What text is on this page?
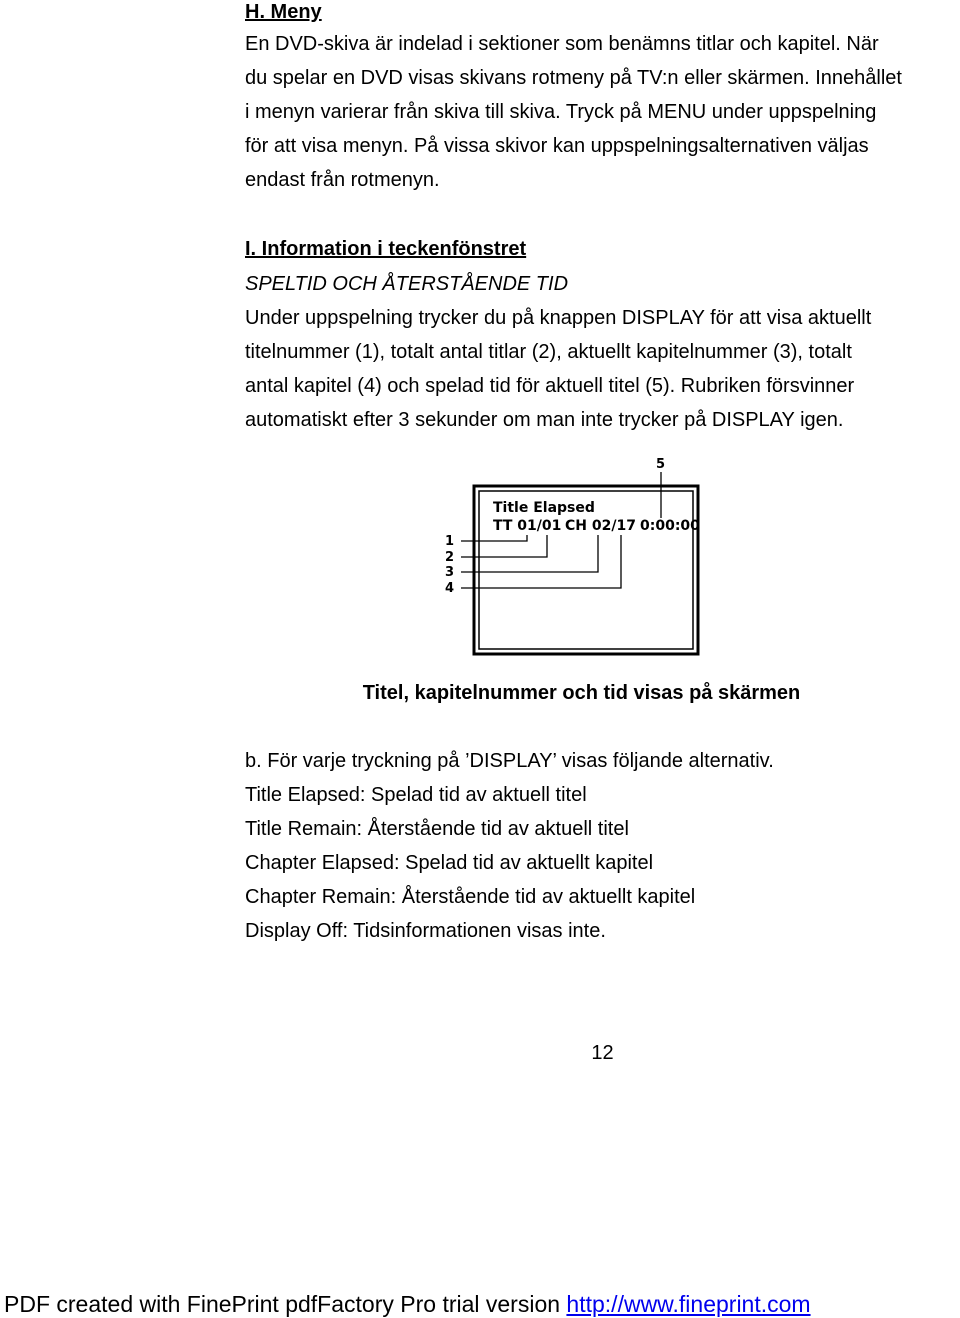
H. Meny
En DVD-skiva är indelad i sektioner som benämns titlar och kapitel. När
du spelar en DVD visas skivans rotmeny på TV:n eller skärmen. Innehållet
i menyn varierar från skiva till skiva. Tryck på MENU under uppspelning
för att visa menyn. På vissa skivor kan uppspelningsalternativen väljas
endast från rotmenyn.
I. Information i teckenfönstret
SPELTID OCH ÅTERSTÅENDE TID
Under uppspelning trycker du på knappen DISPLAY för att visa aktuellt
titelnummer (1), totalt antal titlar (2), aktuellt kapitelnummer (3), totalt
antal kapitel (4) och spelad tid för aktuell titel (5). Rubriken försvinner
automatiskt efter 3 sekunder om man inte trycker på DISPLAY igen.
Title Elapsed
TT 01/01 CH 02/17 0:00:00
1
2
3
4
5
Titel, kapitelnummer och tid visas på skärmen
b. För varje tryckning på ’DISPLAY’ visas följande alternativ.
Title Elapsed: Spelad tid av aktuell titel
Title Remain: Återstående tid av aktuell titel
Chapter Elapsed: Spelad tid av aktuellt kapitel
Chapter Remain: Återstående tid av aktuellt kapitel
Display Off: Tidsinformationen visas inte.
12
PDF created with FinePrint pdfFactory Pro trial version http://www.fineprint.com
